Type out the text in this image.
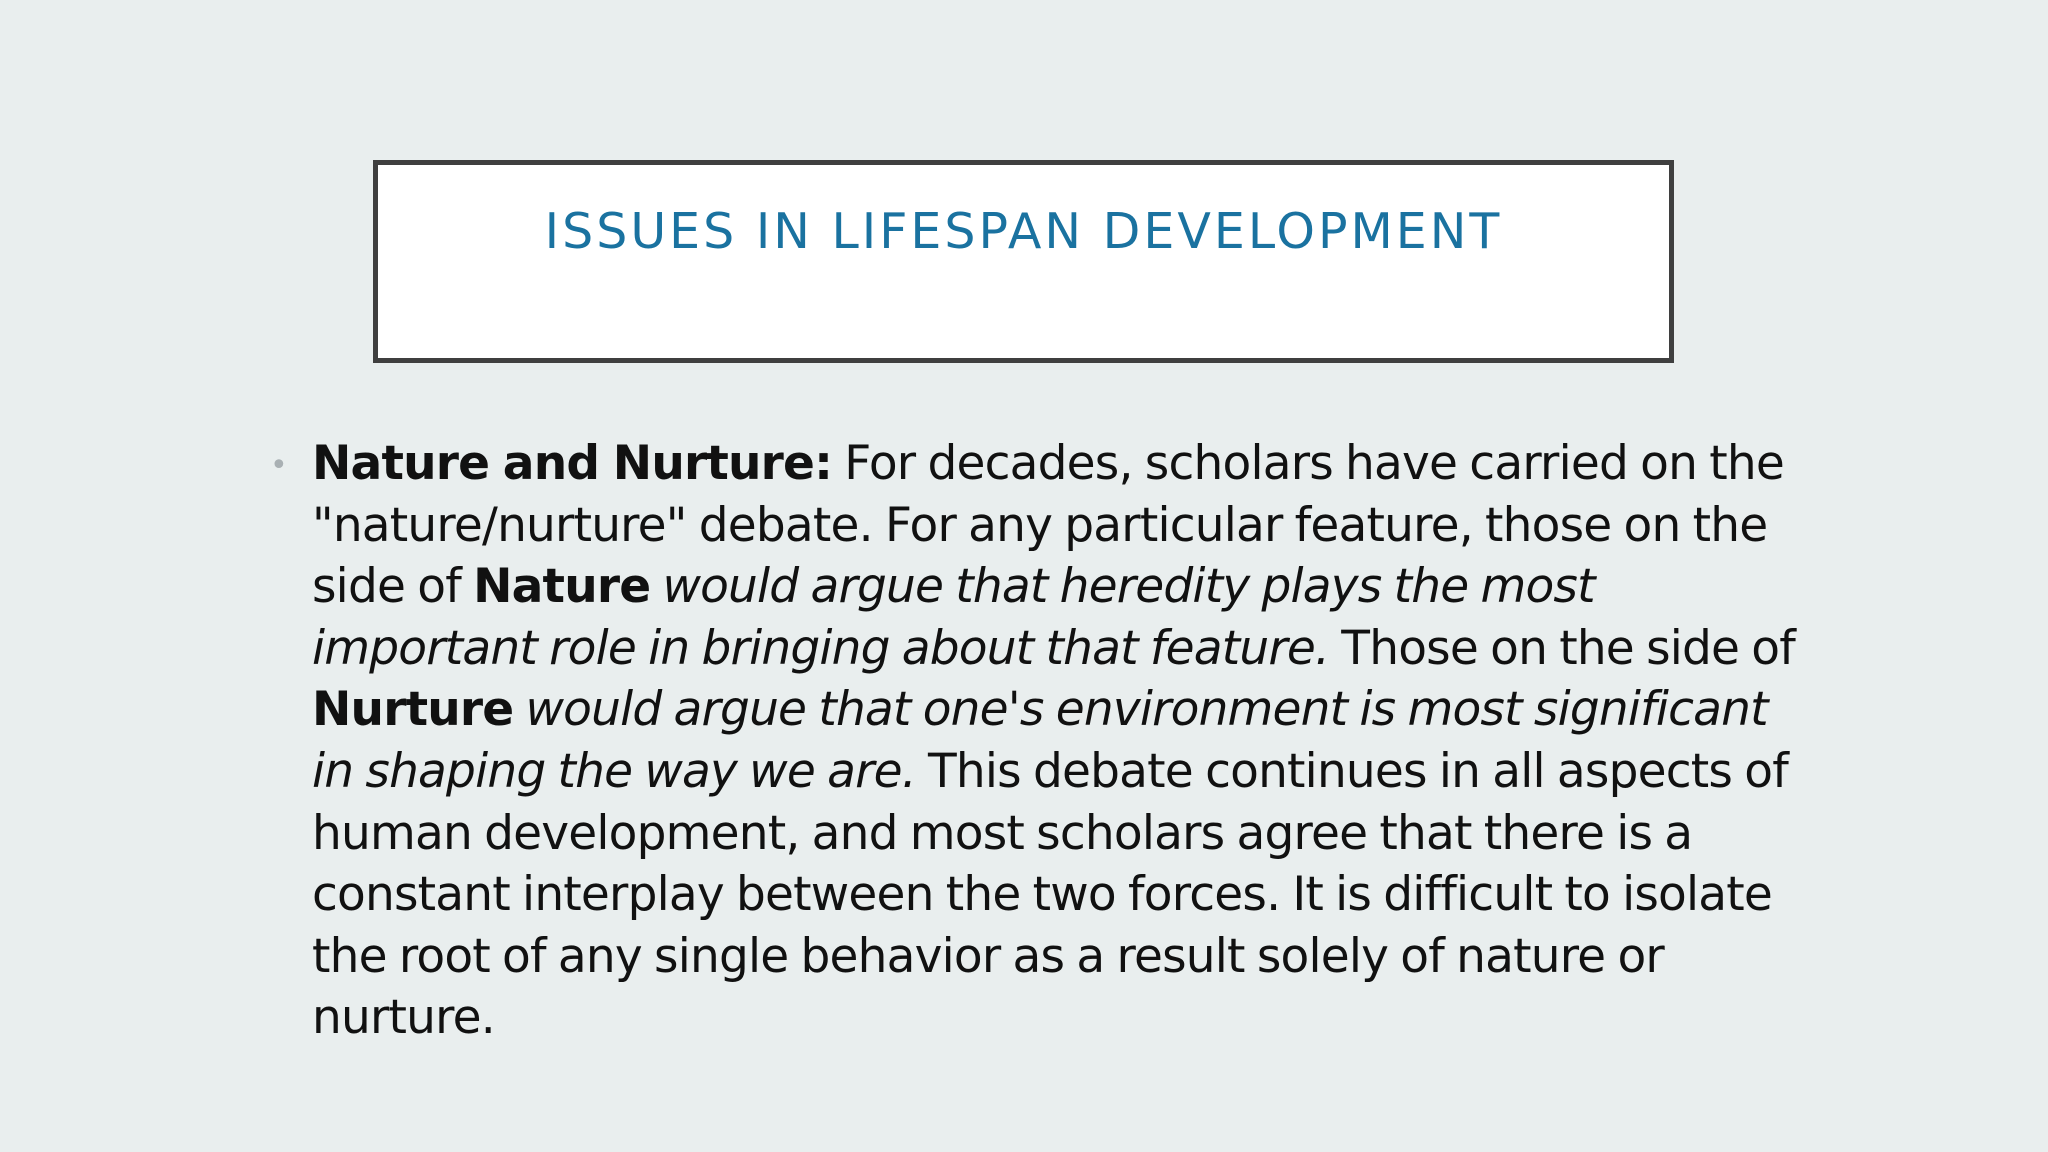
ISSUES IN LIFESPAN DEVELOPMENT
• Nature and Nurture: For decades, scholars have carried on the "nature/nurture" debate. For any particular feature, those on the side of Nature would argue that heredity plays the most important role in bringing about that feature. Those on the side of Nurture would argue that one's environment is most significant in shaping the way we are. This debate continues in all aspects of human development, and most scholars agree that there is a constant interplay between the two forces. It is difficult to isolate the root of any single behavior as a result solely of nature or nurture.
